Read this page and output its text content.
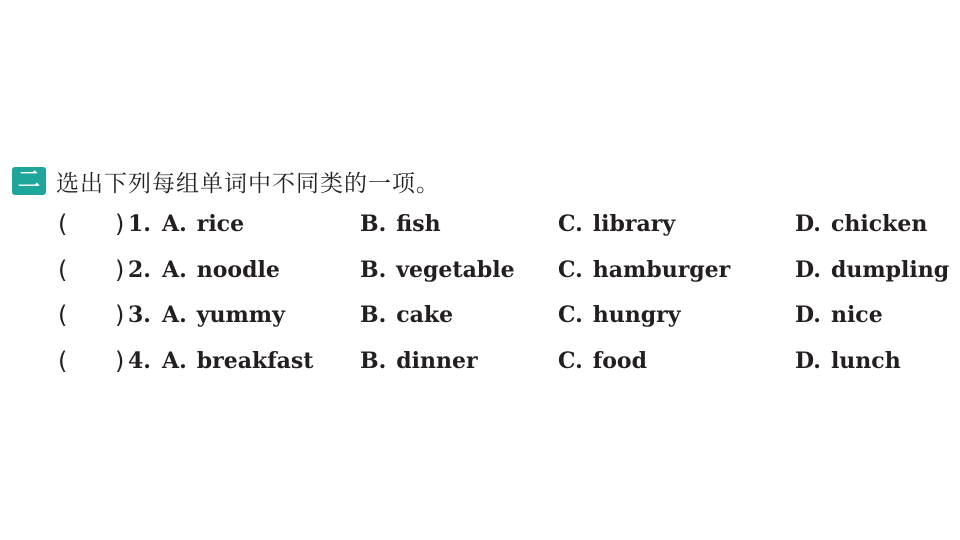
二 选出下列每组单词中不同类的一项。
( ) 1. A. rice	B. fish	C. library	D. chicken
( ) 2. A. noodle	B. vegetable C. hamburger	D. dumpling
( ) 3. A. yummy	B. cake	C. hungry	D. nice
( ) 4. A. breakfast B. dinner	C. food	D. lunch
